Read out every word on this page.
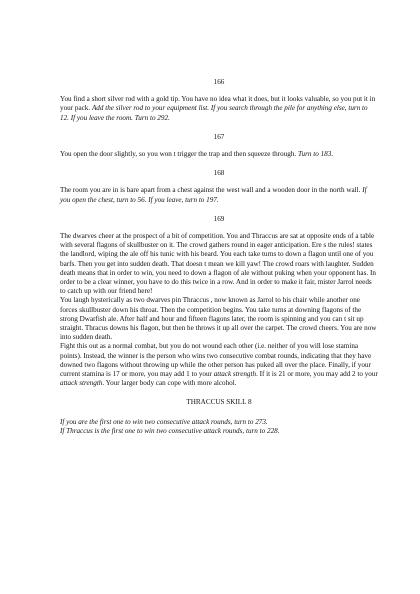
166

You find a short silver rod with a gold tip. You have no idea what it does, but it looks valuable, so you put it in your pack. Add the silver rod to your equipment list. If you search through the pile for anything else, turn to 12. If you leave the room. Turn to 292.

167

You open the door slightly, so you won t trigger the trap and then squeeze through. Turn to 183.

168

The room you are in is bare apart from a chest against the west wall and a wooden door in the north wall. If you open the chest, turn to 56. If you leave, turn to 197.

169

The dwarves cheer at the prospect of a bit of competition. You and Thraccus are sat at opposite ends of a table with several flagons of skullbuster on it. The crowd gathers round in eager anticipation. Ere s the rules! states the landlord, wiping the ale off his tunic with his beard. You each take turns to down a flagon until one of you barfs. Then you get into sudden death. That doesn t mean we kill yaw! The crowd roars with laughter. Sudden death means that in order to win, you need to down a flagon of ale without puking when your opponent has. In order to be a clear winner, you have to do this twice in a row. And in order to make it fair, mister Jarrol needs to catch up with our friend here!

You laugh hysterically as two dwarves pin Thraccus , now known as Jarrol to his chair while another one forces skullbuster down his throat. Then the competition begins. You take turns at downing flagons of the strong Dwarfish ale. After half and hour and fifteen flagons later, the room is spinning and you can t sit up straight. Thracus downs his flagon, but then he throws it up all over the carpet. The crowd cheers. You are now into sudden death.

Fight this out as a normal combat, but you do not wound each other (i.e. neither of you will lose stamina points). Instead, the winner is the person who wins two consecutive combat rounds, indicating that they have downed two flagons without throwing up while the other person has puked all over the place. Finally, if your current stamina is 17 or more, you may add 1 to your attack strength. If it is 21 or more, you may add 2 to your attack strength. Your larger body can cope with more alcohol.

THRACCUS SKILL 8

If you are the first one to win two consecutive attack rounds, turn to 273.

If Thraccus is the first one to win two consecutive attack rounds, turn to 228.
